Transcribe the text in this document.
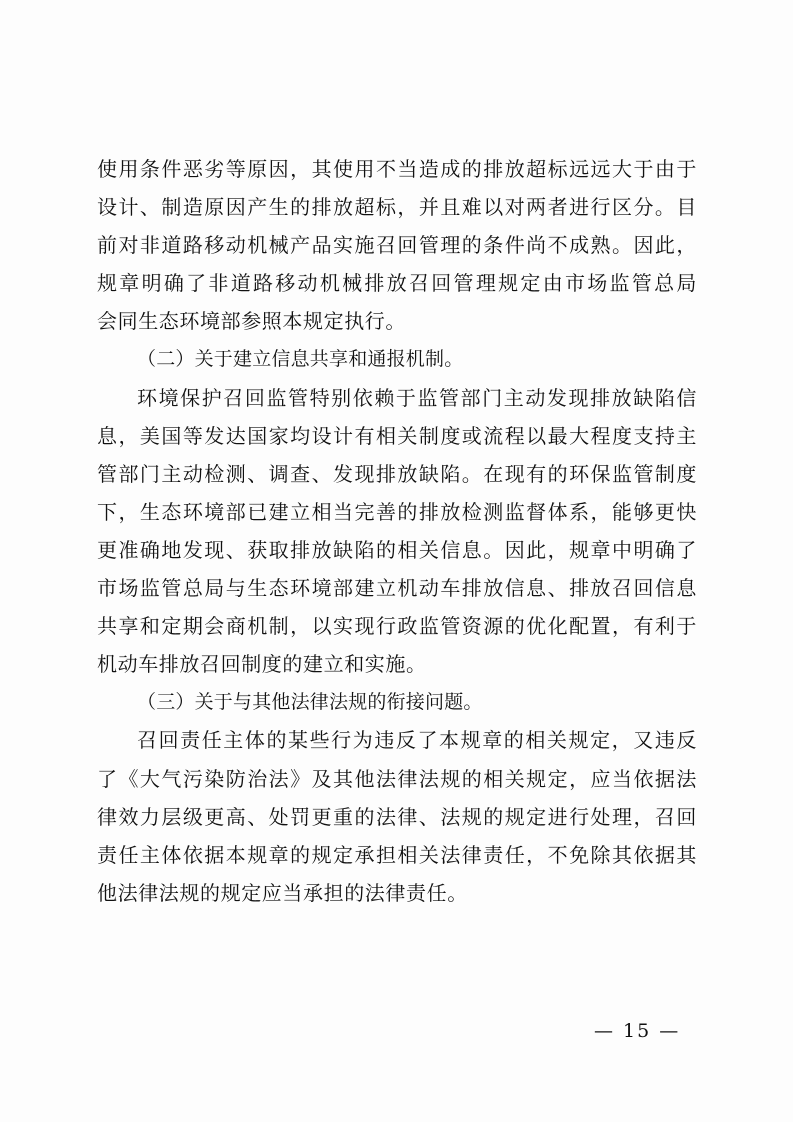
使用条件恶劣等原因，其使用不当造成的排放超标远远大于由于
设计、制造原因产生的排放超标，并且难以对两者进行区分。目
前对非道路移动机械产品实施召回管理的条件尚不成熟。因此，
规章明确了非道路移动机械排放召回管理规定由市场监管总局
会同生态环境部参照本规定执行。
（二）关于建立信息共享和通报机制。
环境保护召回监管特别依赖于监管部门主动发现排放缺陷信
息，美国等发达国家均设计有相关制度或流程以最大程度支持主
管部门主动检测、调查、发现排放缺陷。在现有的环保监管制度
下，生态环境部已建立相当完善的排放检测监督体系，能够更快
更准确地发现、获取排放缺陷的相关信息。因此，规章中明确了
市场监管总局与生态环境部建立机动车排放信息、排放召回信息
共享和定期会商机制，以实现行政监管资源的优化配置，有利于
机动车排放召回制度的建立和实施。
（三）关于与其他法律法规的衔接问题。
召回责任主体的某些行为违反了本规章的相关规定，又违反
了《大气污染防治法》及其他法律法规的相关规定，应当依据法
律效力层级更高、处罚更重的法律、法规的规定进行处理，召回
责任主体依据本规章的规定承担相关法律责任，不免除其依据其
他法律法规的规定应当承担的法律责任。
— 15 —
